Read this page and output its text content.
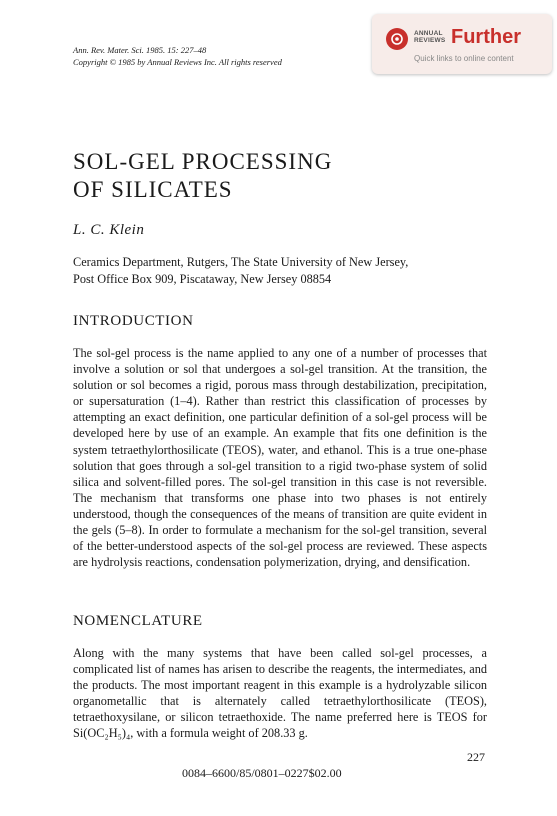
Ann. Rev. Mater. Sci. 1985. 15: 227–48
Copyright © 1985 by Annual Reviews Inc. All rights reserved
ANNUAL
REVIEWS Further
Quick links to online content
SOL-GEL PROCESSING
OF SILICATES
L. C. Klein
Ceramics Department, Rutgers, The State University of New Jersey,
Post Office Box 909, Piscataway, New Jersey 08854
INTRODUCTION

The sol-gel process is the name applied to any one of a number of processes that involve a solution or sol that undergoes a sol-gel transition. At the transition, the solution or sol becomes a rigid, porous mass through destabilization, precipitation, or supersaturation (1–4). Rather than restrict this classification of processes by attempting an exact definition, one particular definition of a sol-gel process will be developed here by use of an example. An example that fits one definition is the system tetraethylorthosilicate (TEOS), water, and ethanol. This is a true one-phase solution that goes through a sol-gel transition to a rigid two-phase system of solid silica and solvent-filled pores. The sol-gel transition in this case is not reversible. The mechanism that transforms one phase into two phases is not entirely understood, though the consequences of the means of transition are quite evident in the gels (5–8). In order to formulate a mechanism for the sol-gel transition, several of the better-understood aspects of the sol-gel process are reviewed. These aspects are hydrolysis reactions, condensation polymerization, drying, and densification.

NOMENCLATURE

Along with the many systems that have been called sol-gel processes, a complicated list of names has arisen to describe the reagents, the intermediates, and the products. The most important reagent in this example is a hydrolyzable silicon organometallic that is alternately called tetraethylorthosilicate (TEOS), tetraethoxysilane, or silicon tetraethoxide. The name preferred here is TEOS for Si(OC₂H₅)₄, with a formula weight of 208.33 g.

227
0084–6600/85/0801–0227$02.00
